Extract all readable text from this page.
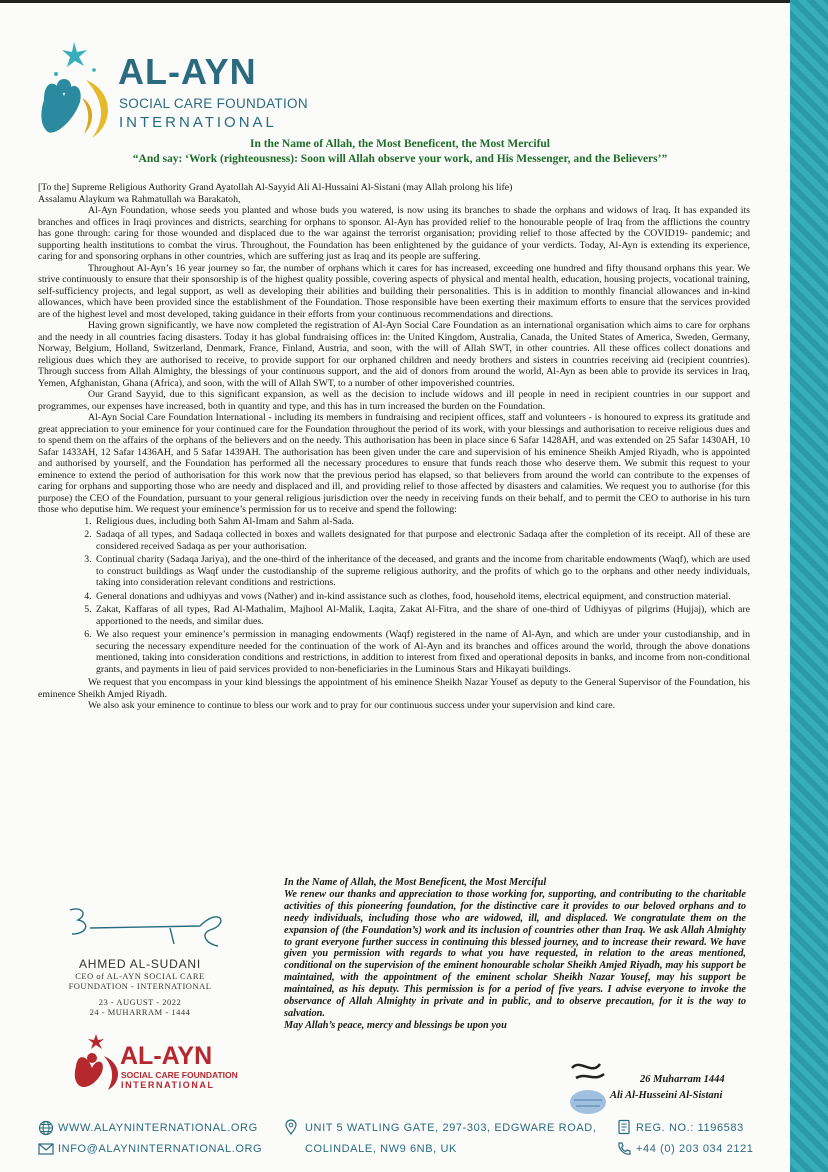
AL-AYN
SOCIAL CARE FOUNDATION
INTERNATIONAL
In the Name of Allah, the Most Beneficent, the Most Merciful
“And say: ‘Work (righteousness): Soon will Allah observe your work, and His Messenger, and the Believers’”

[To the] Supreme Religious Authority Grand Ayatollah Al-Sayyid Ali Al-Hussaini Al-Sistani (may Allah prolong his life)

Assalamu Alaykum wa Rahmatullah wa Barakatoh,

Al-Ayn Foundation, whose seeds you planted and whose buds you watered, is now using its branches to shade the orphans and widows of Iraq. It has expanded its branches and offices in Iraqi provinces and districts, searching for orphans to sponsor. Al-Ayn has provided relief to the honourable people of Iraq from the afflictions the country has gone through: caring for those wounded and displaced due to the war against the terrorist organisation; providing relief to those affected by the COVID19- pandemic; and supporting health institutions to combat the virus. Throughout, the Foundation has been enlightened by the guidance of your verdicts. Today, Al-Ayn is extending its experience, caring for and sponsoring orphans in other countries, which are suffering just as Iraq and its people are suffering.

Throughout Al-Ayn’s 16 year journey so far, the number of orphans which it cares for has increased, exceeding one hundred and fifty thousand orphans this year. We strive continuously to ensure that their sponsorship is of the highest quality possible, covering aspects of physical and mental health, education, housing projects, vocational training, self-sufficiency projects, and legal support, as well as developing their abilities and building their personalities. This is in addition to monthly financial allowances and in-kind allowances, which have been provided since the establishment of the Foundation. Those responsible have been exerting their maximum efforts to ensure that the services provided are of the highest level and most developed, taking guidance in their efforts from your continuous recommendations and directions.

Having grown significantly, we have now completed the registration of Al-Ayn Social Care Foundation as an international organisation which aims to care for orphans and the needy in all countries facing disasters. Today it has global fundraising offices in: the United Kingdom, Australia, Canada, the United States of America, Sweden, Germany, Norway, Belgium, Holland, Switzerland, Denmark, France, Finland, Austria, and soon, with the will of Allah SWT, in other countries. All these offices collect donations and religious dues which they are authorised to receive, to provide support for our orphaned children and needy brothers and sisters in countries receiving aid (recipient countries). Through success from Allah Almighty, the blessings of your continuous support, and the aid of donors from around the world, Al-Ayn as been able to provide its services in Iraq, Yemen, Afghanistan, Ghana (Africa), and soon, with the will of Allah SWT, to a number of other impoverished countries.

Our Grand Sayyid, due to this significant expansion, as well as the decision to include widows and ill people in need in recipient countries in our support and programmes, our expenses have increased, both in quantity and type, and this has in turn increased the burden on the Foundation.

Al-Ayn Social Care Foundation International - including its members in fundraising and recipient offices, staff and volunteers - is honoured to express its gratitude and great appreciation to your eminence for your continued care for the Foundation throughout the period of its work, with your blessings and authorisation to receive religious dues and to spend them on the affairs of the orphans of the believers and on the needy. This authorisation has been in place since 6 Safar 1428AH, and was extended on 25 Safar 1430AH, 10 Safar 1433AH, 12 Safar 1436AH, and 5 Safar 1439AH. The authorisation has been given under the care and supervision of his eminence Sheikh Amjed Riyadh, who is appointed and authorised by yourself, and the Foundation has performed all the necessary procedures to ensure that funds reach those who deserve them. We submit this request to your eminence to extend the period of authorisation for this work now that the previous period has elapsed, so that believers from around the world can contribute to the expenses of caring for orphans and supporting those who are needy and displaced and ill, and providing relief to those affected by disasters and calamities. We request you to authorise (for this purpose) the CEO of the Foundation, pursuant to your general religious jurisdiction over the needy in receiving funds on their behalf, and to permit the CEO to authorise in his turn those who deputise him. We request your eminence’s permission for us to receive and spend the following:

1. Religious dues, including both Sahm Al-Imam and Sahm al-Sada.
2. Sadaqa of all types, and Sadaqa collected in boxes and wallets designated for that purpose and electronic Sadaqa after the completion of its receipt. All of these are considered received Sadaqa as per your authorisation.
3. Continual charity (Sadaqa Jariya), and the one-third of the inheritance of the deceased, and grants and the income from charitable endowments (Waqf), which are used to construct buildings as Waqf under the custodianship of the supreme religious authority, and the profits of which go to the orphans and other needy individuals, taking into consideration relevant conditions and restrictions.
4. General donations and udhiyyas and vows (Nather) and in-kind assistance such as clothes, food, household items, electrical equipment, and construction material.
5. Zakat, Kaffaras of all types, Rad Al-Mathalim, Majhool Al-Malik, Laqita, Zakat Al-Fitra, and the share of one-third of Udhiyyas of pilgrims (Hujjaj), which are apportioned to the needs, and similar dues.
6. We also request your eminence’s permission in managing endowments (Waqf) registered in the name of Al-Ayn, and which are under your custodianship, and in securing the necessary expenditure needed for the continuation of the work of Al-Ayn and its branches and offices around the world, through the above donations mentioned, taking into consideration conditions and restrictions, in addition to interest from fixed and operational deposits in banks, and income from non-conditional grants, and payments in lieu of paid services provided to non-beneficiaries in the Luminous Stars and Hikayati buildings.

We request that you encompass in your kind blessings the appointment of his eminence Sheikh Nazar Yousef as deputy to the General Supervisor of the Foundation, his eminence Sheikh Amjed Riyadh.

We also ask your eminence to continue to bless our work and to pray for our continuous success under your supervision and kind care.

AHMED AL-SUDANI
CEO of AL-AYN SOCIAL CARE
FOUNDATION - INTERNATIONAL
23 - AUGUST - 2022
24 - MUHARRAM - 1444

In the Name of Allah, the Most Beneficent, the Most Merciful

We renew our thanks and appreciation to those working for, supporting, and contributing to the charitable activities of this pioneering foundation, for the distinctive care it provides to our beloved orphans and to needy individuals, including those who are widowed, ill, and displaced. We congratulate them on the expansion of (the Foundation’s) work and its inclusion of countries other than Iraq. We ask Allah Almighty to grant everyone further success in continuing this blessed journey, and to increase their reward. We have given you permission with regards to what you have requested, in relation to the areas mentioned, conditional on the supervision of the eminent honourable scholar Sheikh Amjed Riyadh, may his support be maintained, with the appointment of the eminent scholar Sheikh Nazar Yousef, may his support be maintained, as his deputy. This permission is for a period of five years. I advise everyone to invoke the observance of Allah Almighty in private and in public, and to observe precaution, for it is the way to salvation.

May Allah’s peace, mercy and blessings be upon you

26 Muharram 1444
Ali Al-Husseini Al-Sistani
AL-AYN
SOCIAL CARE FOUNDATION
INTERNATIONAL
WWW.ALAYNINTERNATIONAL.ORG
INFO@ALAYNINTERNATIONAL.ORG
UNIT 5 WATLING GATE, 297-303, EDGWARE ROAD,
COLINDALE, NW9 6NB, UK
REG. NO.: 1196583
+44 (0) 203 034 2121
